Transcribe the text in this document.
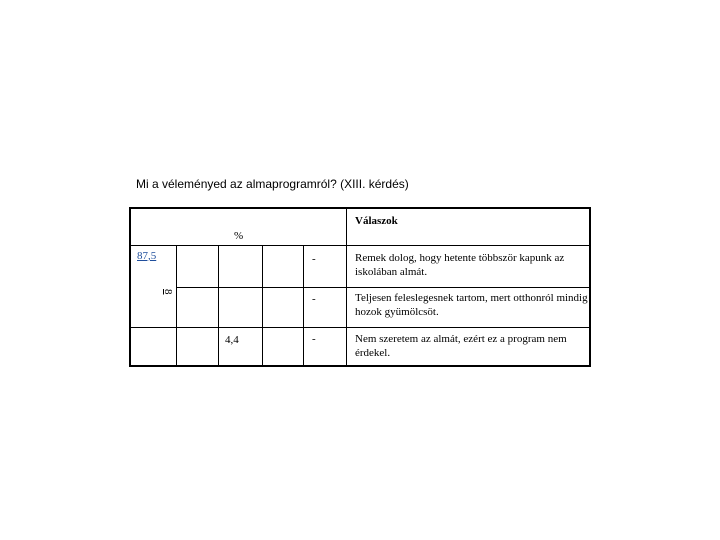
Mi a véleményed az almaprogramról? (XIII. kérdés)
Válaszok
%
87,5
8
4,4
-
-
-
Remek dolog, hogy hetente többször kapunk az iskolában almát.
Teljesen feleslegesnek tartom, mert otthonról mindig hozok gyümölcsöt.
Nem szeretem az almát, ezért ez a program nem érdekel.
